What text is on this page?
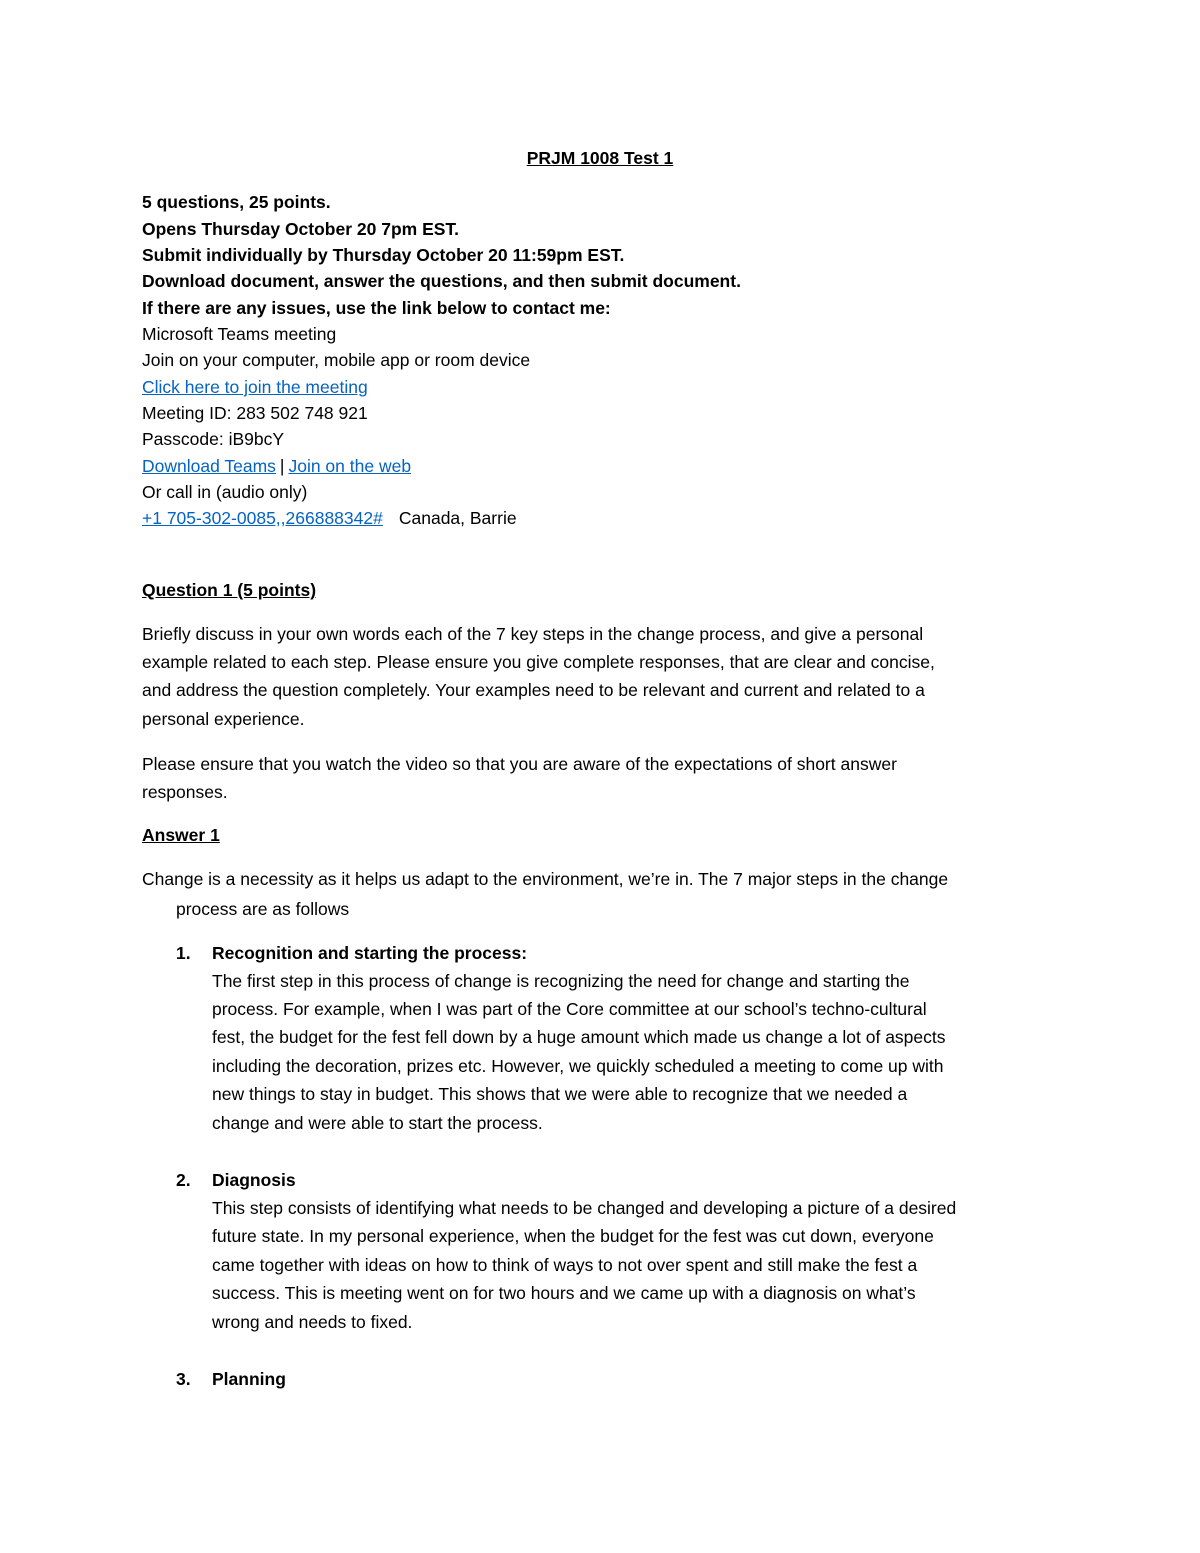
PRJM 1008 Test 1
5 questions, 25 points.
Opens Thursday October 20 7pm EST.
Submit individually by Thursday October 20 11:59pm EST.
Download document, answer the questions, and then submit document.
If there are any issues, use the link below to contact me:
Microsoft Teams meeting
Join on your computer, mobile app or room device
Click here to join the meeting
Meeting ID: 283 502 748 921
Passcode: iB9bcY
Download Teams | Join on the web
Or call in (audio only)
+1 705-302-0085,,266888342# Canada, Barrie
Question 1 (5 points)
Briefly discuss in your own words each of the 7 key steps in the change process, and give a personal
example related to each step. Please ensure you give complete responses, that are clear and concise,
and address the question completely. Your examples need to be relevant and current and related to a
personal experience.
Please ensure that you watch the video so that you are aware of the expectations of short answer
responses.
Answer 1
Change is a necessity as it helps us adapt to the environment, we’re in. The 7 major steps in the change
process are as follows
1. Recognition and starting the process:
The first step in this process of change is recognizing the need for change and starting the
process. For example, when I was part of the Core committee at our school’s techno-cultural
fest, the budget for the fest fell down by a huge amount which made us change a lot of aspects
including the decoration, prizes etc. However, we quickly scheduled a meeting to come up with
new things to stay in budget. This shows that we were able to recognize that we needed a
change and were able to start the process.
2. Diagnosis
This step consists of identifying what needs to be changed and developing a picture of a desired
future state. In my personal experience, when the budget for the fest was cut down, everyone
came together with ideas on how to think of ways to not over spent and still make the fest a
success. This is meeting went on for two hours and we came up with a diagnosis on what’s
wrong and needs to fixed.
3. Planning
